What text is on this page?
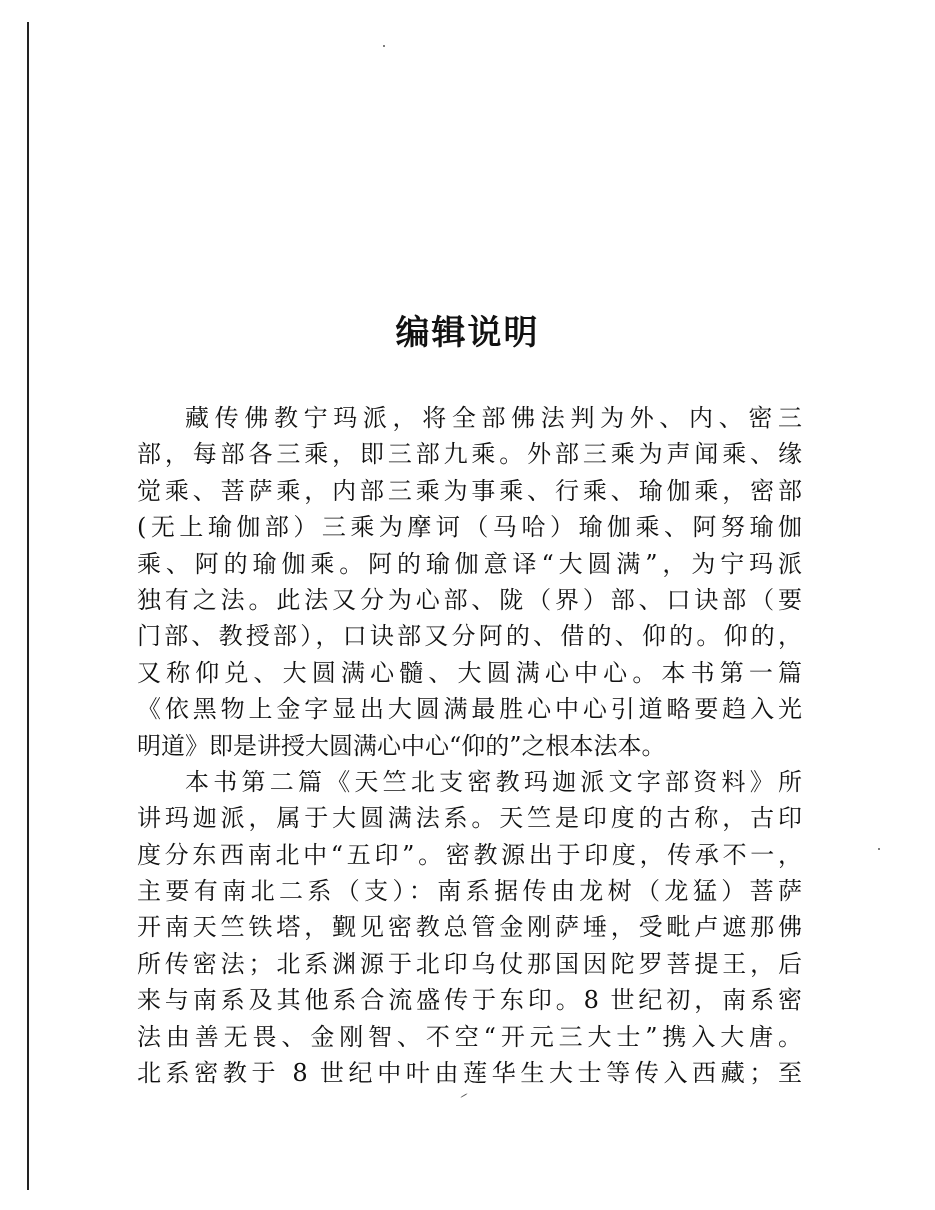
编辑说明
藏传佛教宁玛派，将全部佛法判为外、内、密三
部，每部各三乘，即三部九乘。外部三乘为声闻乘、缘
觉乘、菩萨乘，内部三乘为事乘、行乘、瑜伽乘，密部
(无上瑜伽部）三乘为摩诃（马哈）瑜伽乘、阿努瑜伽
乘、阿的瑜伽乘。阿的瑜伽意译“大圆满”，为宁玛派
独有之法。此法又分为心部、陇（界）部、口诀部（要
门部、教授部），口诀部又分阿的、借的、仰的。仰的，
又称仰兑、大圆满心髓、大圆满心中心。本书第一篇
《依黑物上金字显出大圆满最胜心中心引道略要趋入光
明道》即是讲授大圆满心中心“仰的”之根本法本。
本书第二篇《天竺北支密教玛迦派文字部资料》所
讲玛迦派，属于大圆满法系。天竺是印度的古称，古印
度分东西南北中“五印”。密教源出于印度，传承不一，
主要有南北二系（支）：南系据传由龙树（龙猛）菩萨
开南天竺铁塔，觐见密教总管金刚萨埵，受毗卢遮那佛
所传密法；北系渊源于北印乌仗那国因陀罗菩提王，后
来与南系及其他系合流盛传于东印。8 世纪初，南系密
法由善无畏、金刚智、不空“开元三大士”携入大唐。
北系密教于 8 世纪中叶由莲华生大士等传入西藏；至
